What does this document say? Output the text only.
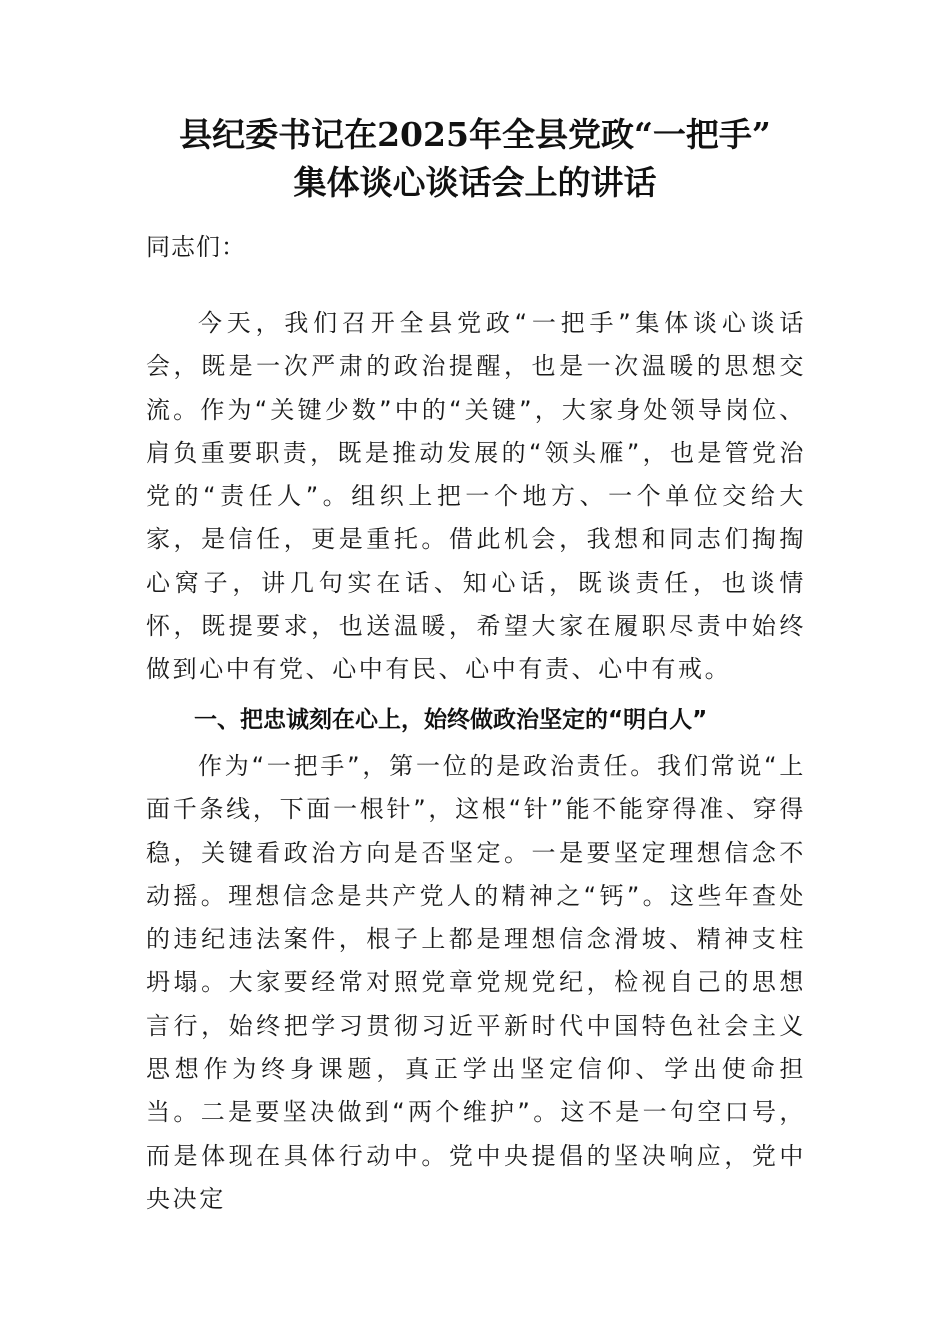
县纪委书记在2025年全县党政“一把手”
集体谈心谈话会上的讲话

同志们：

今天，我们召开全县党政“一把手”集体谈心谈话会，既是一次严肃的政治提醒，也是一次温暖的思想交流。作为“关键少数”中的“关键”，大家身处领导岗位、肩负重要职责，既是推动发展的“领头雁”，也是管党治党的“责任人”。组织上把一个地方、一个单位交给大家，是信任，更是重托。借此机会，我想和同志们掏掏心窝子，讲几句实在话、知心话，既谈责任，也谈情怀，既提要求，也送温暖，希望大家在履职尽责中始终做到心中有党、心中有民、心中有责、心中有戒。

一、把忠诚刻在心上，始终做政治坚定的“明白人”

作为“一把手”，第一位的是政治责任。我们常说“上面千条线，下面一根针”，这根“针”能不能穿得准、穿得稳，关键看政治方向是否坚定。一是要坚定理想信念不动摇。理想信念是共产党人的精神之“钙”。这些年查处的违纪违法案件，根子上都是理想信念滑坡、精神支柱坍塌。大家要经常对照党章党规党纪，检视自己的思想言行，始终把学习贯彻习近平新时代中国特色社会主义思想作为终身课题，真正学出坚定信仰、学出使命担当。二是要坚决做到“两个维护”。这不是一句空口号，而是体现在具体行动中。党中央提倡的坚决响应，党中央决定
